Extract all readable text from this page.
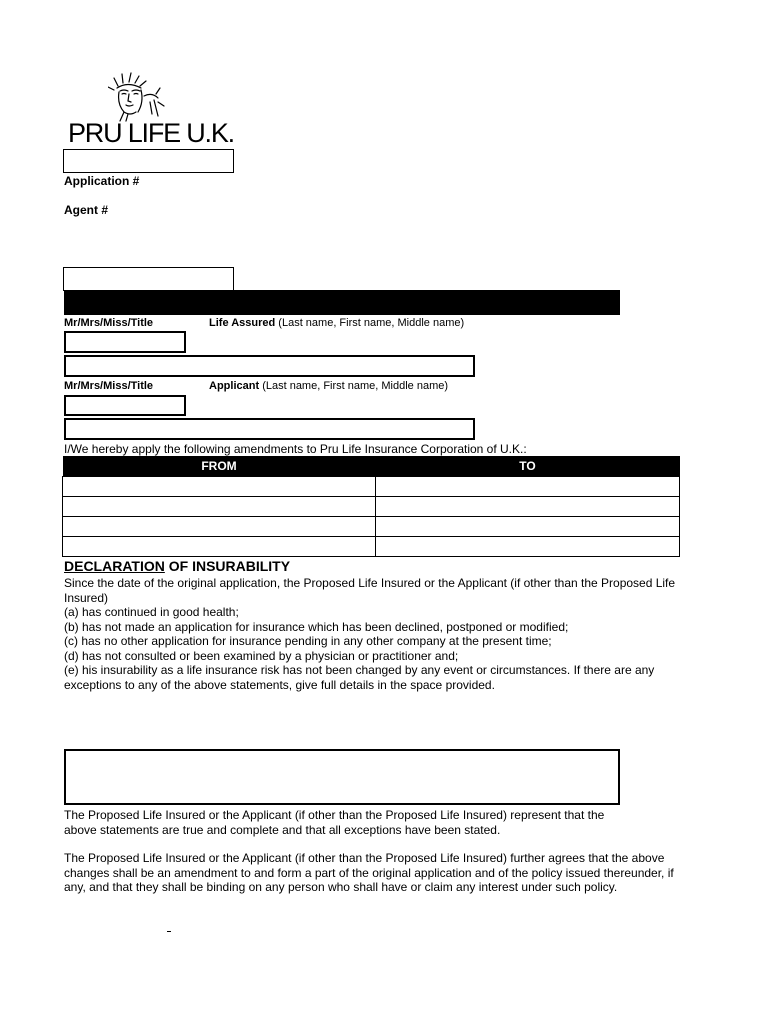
PRU LIFE U.K.
Application #
Agent #
Mr/Mrs/Miss/Title	Life Assured (Last name, First name, Middle name)
Mr/Mrs/Miss/Title	Applicant (Last name, First name, Middle name)
I/We hereby apply the following amendments to Pru Life Insurance Corporation of U.K.:
FROM	TO

DECLARATION OF INSURABILITY
Since the date of the original application, the Proposed Life Insured or the Applicant (if other than the Proposed Life Insured)
(a) has continued in good health;
(b) has not made an application for insurance which has been declined, postponed or modified;
(c) has no other application for insurance pending in any other company at the present time;
(d) has not consulted or been examined by a physician or practitioner and;
(e) his insurability as a life insurance risk has not been changed by any event or circumstances. If there are any exceptions to any of the above statements, give full details in the space provided.
The Proposed Life Insured or the Applicant (if other than the Proposed Life Insured) represent that the above statements are true and complete and that all exceptions have been stated.
The Proposed Life Insured or the Applicant (if other than the Proposed Life Insured) further agrees that the above changes shall be an amendment to and form a part of the original application and of the policy issued thereunder, if any, and that they shall be binding on any person who shall have or claim any interest under such policy.
